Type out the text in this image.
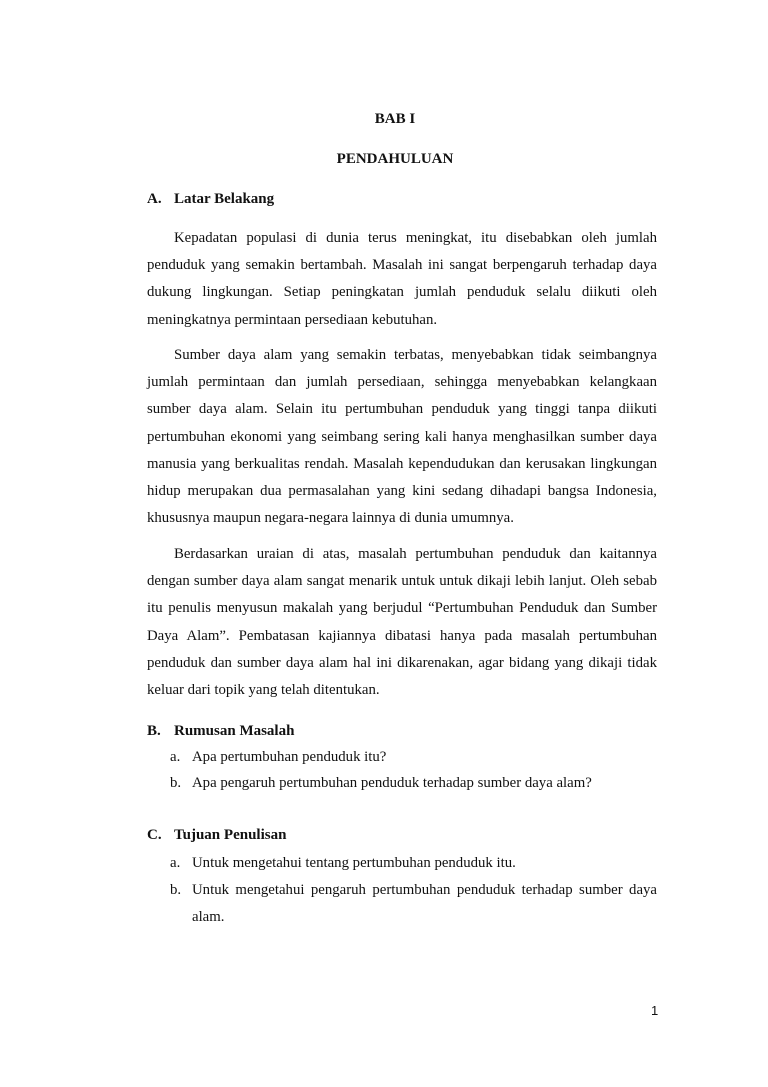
BAB I
PENDAHULUAN
A. Latar Belakang

Kepadatan populasi di dunia terus meningkat, itu disebabkan oleh jumlah penduduk yang semakin bertambah. Masalah ini sangat berpengaruh terhadap daya dukung lingkungan. Setiap peningkatan jumlah penduduk selalu diikuti oleh meningkatnya permintaan persediaan kebutuhan.

Sumber daya alam yang semakin terbatas, menyebabkan tidak seimbangnya jumlah permintaan dan jumlah persediaan, sehingga menyebabkan kelangkaan sumber daya alam. Selain itu pertumbuhan penduduk yang tinggi tanpa diikuti pertumbuhan ekonomi yang seimbang sering kali hanya menghasilkan sumber daya manusia yang berkualitas rendah. Masalah kependudukan dan kerusakan lingkungan hidup merupakan dua permasalahan yang kini sedang dihadapi bangsa Indonesia, khususnya maupun negara-negara lainnya di dunia umumnya.

Berdasarkan uraian di atas, masalah pertumbuhan penduduk dan kaitannya dengan sumber daya alam sangat menarik untuk untuk dikaji lebih lanjut. Oleh sebab itu penulis menyusun makalah yang berjudul “Pertumbuhan Penduduk dan Sumber Daya Alam”. Pembatasan kajiannya dibatasi hanya pada masalah pertumbuhan penduduk dan sumber daya alam hal ini dikarenakan, agar bidang yang dikaji tidak keluar dari topik yang telah ditentukan.

B. Rumusan Masalah
a. Apa pertumbuhan penduduk itu?
b. Apa pengaruh pertumbuhan penduduk terhadap sumber daya alam?
C. Tujuan Penulisan
a. Untuk mengetahui tentang pertumbuhan penduduk itu.
b. Untuk mengetahui pengaruh pertumbuhan penduduk terhadap sumber daya alam.
1
